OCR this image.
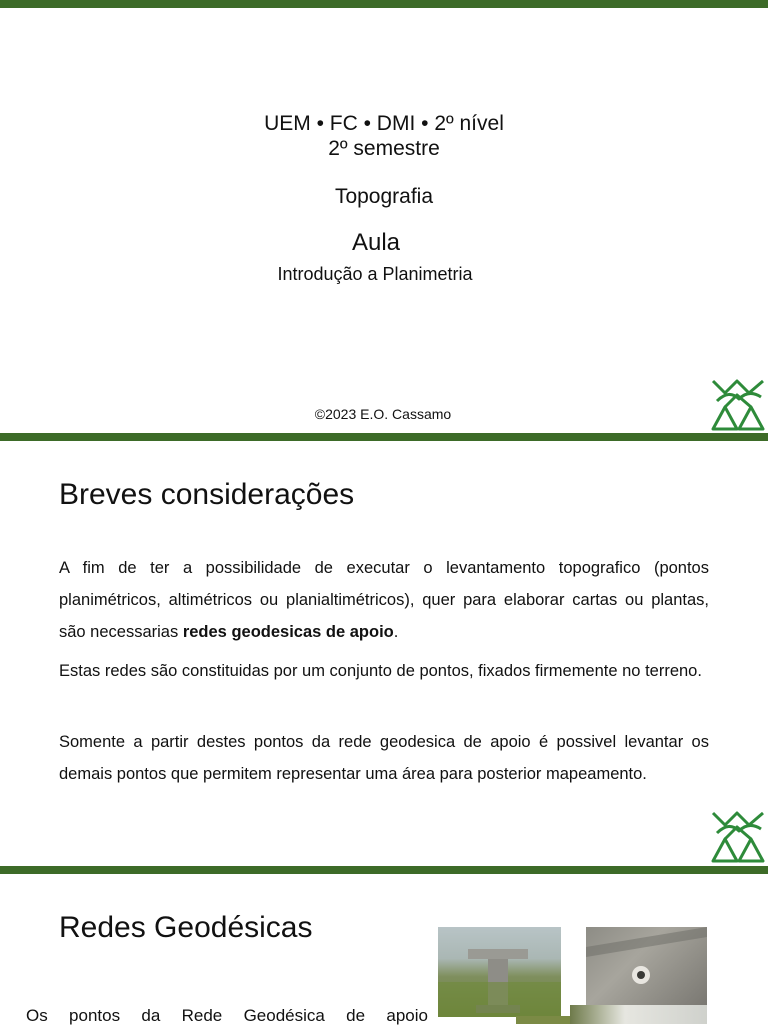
UEM • FC • DMI • 2º nível
2º semestre
Topografia
Aula
Introdução a Planimetria
©2023 E.O. Cassamo
Breves considerações
A fim de ter a possibilidade de executar o levantamento topografico (pontos planimétricos, altimétricos ou planialtimétricos), quer para elaborar cartas ou plantas, são necessarias redes geodesicas de apoio.
Estas redes são constituidas por um conjunto de pontos, fixados firmemente no terreno.
Somente a partir destes pontos da rede geodesica de apoio é possivel levantar os demais pontos que permitem representar uma área para posterior mapeamento.
Redes Geodésicas
Os pontos da Rede Geodésica de apoio
